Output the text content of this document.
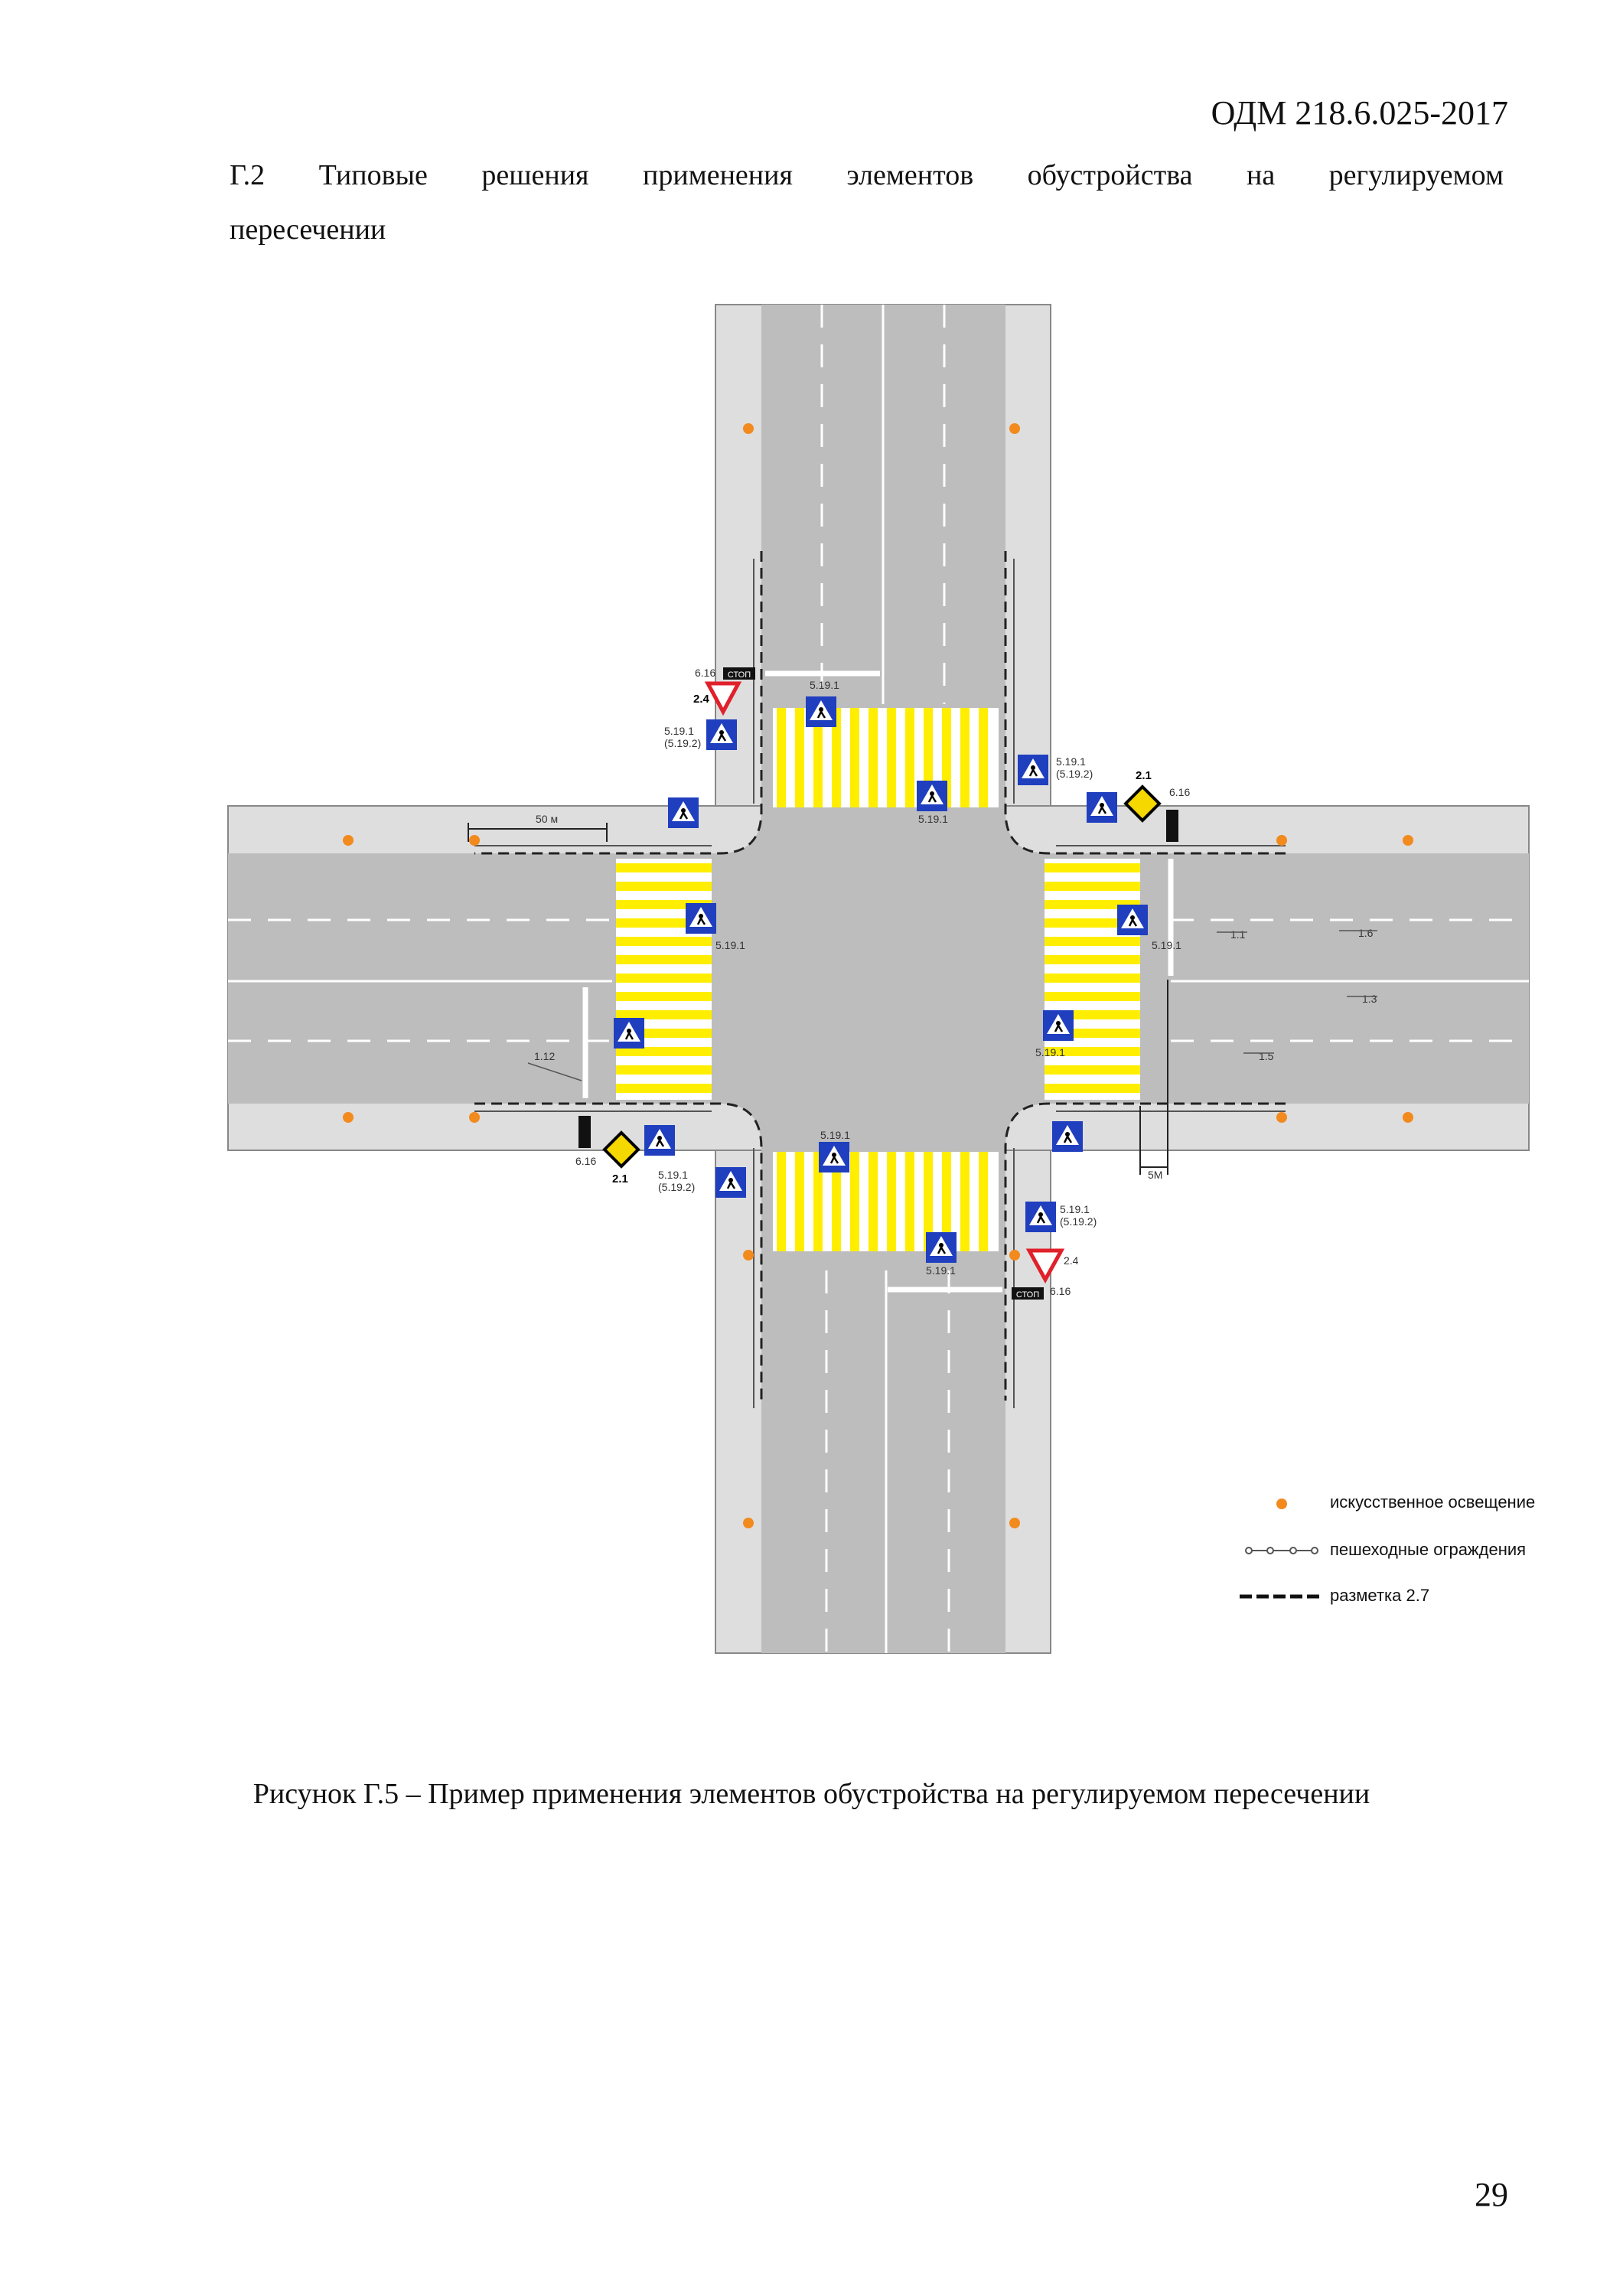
ОДМ 218.6.025-2017
Г.2 Типовые решения применения элементов обустройства на регулируемом
пересечении
СТОП
СТОП
5.19.1
5.19.1
5.19.1
(5.19.2)
5.19.1
(5.19.2)
5.19.1	5.19.1
5.19.1
5.19.1
(5.19.2)
5.19.1
5.19.1
(5.19.2)
5.19.1
2.4
6.16
6.16
6.16
6.16
2.1
2.1
2.4
1.1	1.6
1.3
1.5
1.12
50 м
5М
искусственное освещение
пешеходные ограждения
разметка 2.7
Рисунок Г.5 – Пример применения элементов обустройства на регулируемом пересечении
29
